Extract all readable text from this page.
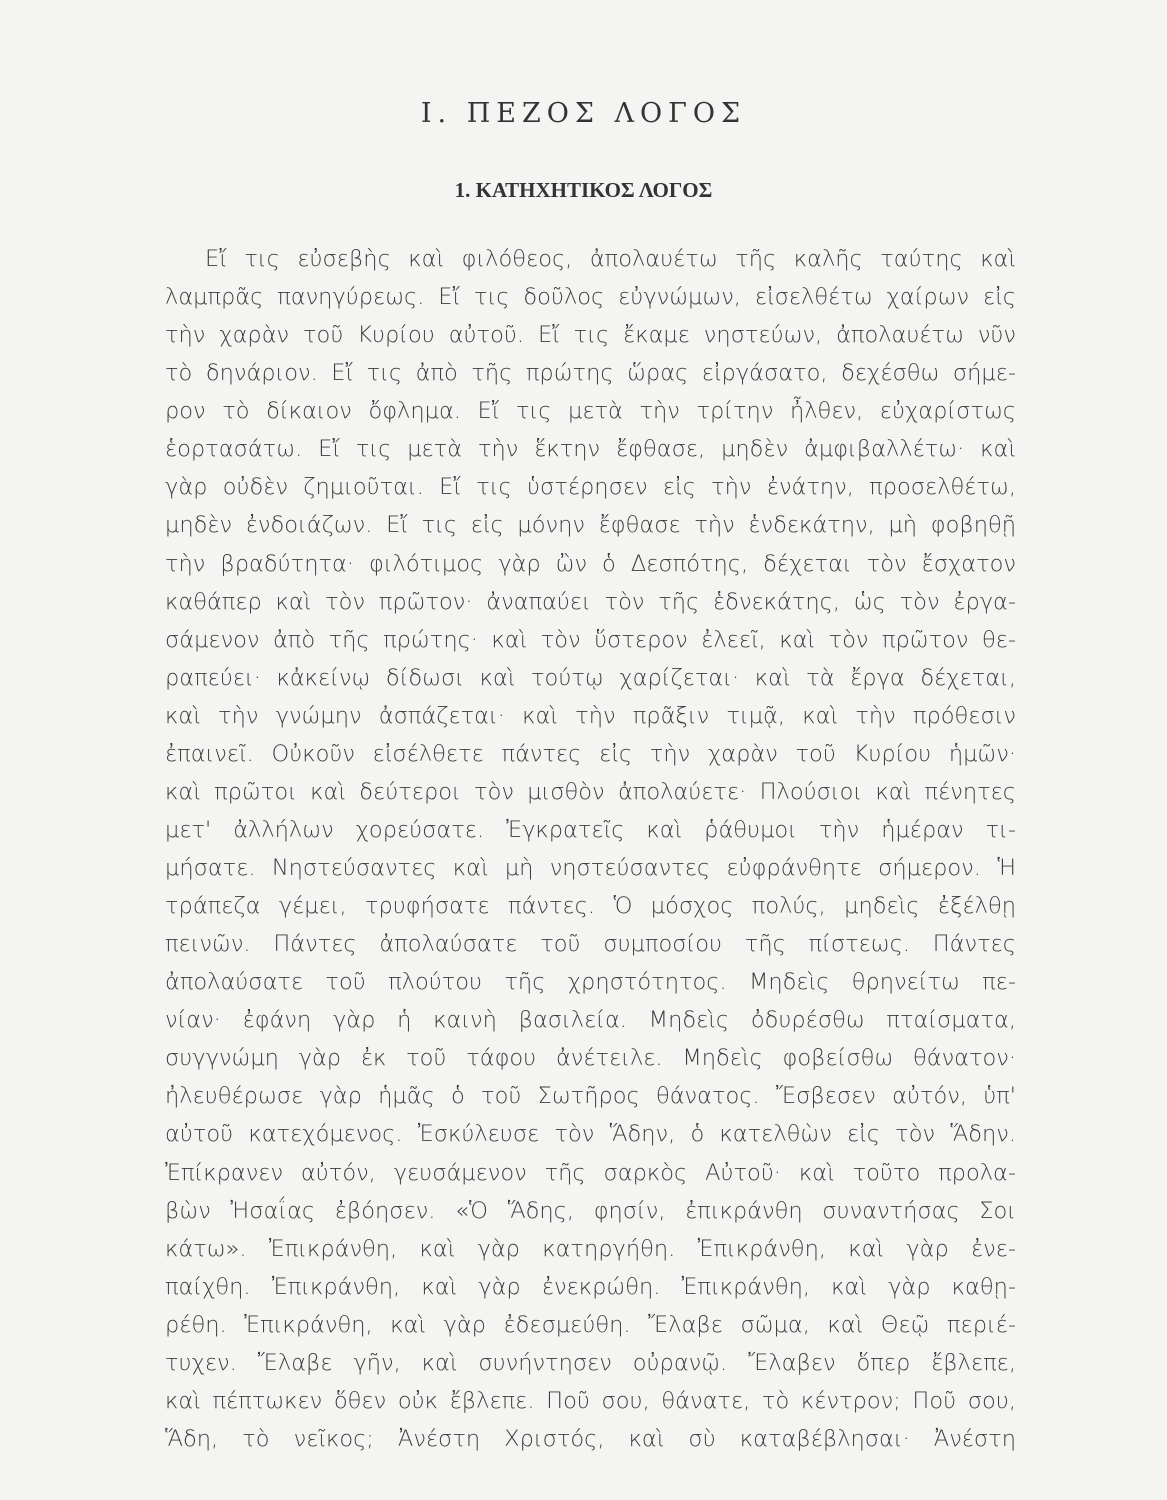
I. ΠΕΖΟΣ ΛΟΓΟΣ
1. ΚΑΤΗΧΗΤΙΚΟΣ ΛΟΓΟΣ
Εἴ τις εὐσεβὴς καὶ φιλόθεος, ἀπολαυέτω τῆς καλῆς ταύτης καὶ
λαμπρᾶς πανηγύρεως. Εἴ τις δοῦλος εὐγνώμων, εἰσελθέτω χαίρων εἰς
τὴν χαρὰν τοῦ Κυρίου αὐτοῦ. Εἴ τις ἔκαμε νηστεύων, ἀπολαυέτω νῦν
τὸ δηνάριον. Εἴ τις ἀπὸ τῆς πρώτης ὥρας εἰργάσατο, δεχέσθω σήμε-
ρον τὸ δίκαιον ὄφλημα. Εἴ τις μετὰ τὴν τρίτην ἦλθεν, εὐχαρίστως
ἑορτασάτω. Εἴ τις μετὰ τὴν ἕκτην ἔφθασε, μηδὲν ἀμφιβαλλέτω· καὶ
γὰρ οὐδὲν ζημιοῦται. Εἴ τις ὑστέρησεν εἰς τὴν ἐνάτην, προσελθέτω,
μηδὲν ἐνδοιάζων. Εἴ τις εἰς μόνην ἔφθασε τὴν ἑνδεκάτην, μὴ φοβηθῇ
τὴν βραδύτητα· φιλότιμος γὰρ ὢν ὁ Δεσπότης, δέχεται τὸν ἔσχατον
καθάπερ καὶ τὸν πρῶτον· ἀναπαύει τὸν τῆς ἑδνεκάτης, ὡς τὸν ἐργα-
σάμενον ἀπὸ τῆς πρώτης· καὶ τὸν ὕστερον ἐλεεῖ, καὶ τὸν πρῶτον θε-
ραπεύει· κἀκείνῳ δίδωσι καὶ τούτῳ χαρίζεται· καὶ τὰ ἔργα δέχεται,
καὶ τὴν γνώμην ἀσπάζεται· καὶ τὴν πρᾶξιν τιμᾷ, καὶ τὴν πρόθεσιν
ἐπαινεῖ. Οὐκοῦν εἰσέλθετε πάντες εἰς τὴν χαρὰν τοῦ Κυρίου ἡμῶν·
καὶ πρῶτοι καὶ δεύτεροι τὸν μισθὸν ἀπολαύετε· Πλούσιοι καὶ πένητες
μετ' ἀλλήλων χορεύσατε. Ἐγκρατεῖς καὶ ῥάθυμοι τὴν ἡμέραν τι-
μήσατε. Νηστεύσαντες καὶ μὴ νηστεύσαντες εὐφράνθητε σήμερον. Ἡ
τράπεζα γέμει, τρυφήσατε πάντες. Ὁ μόσχος πολύς, μηδεὶς ἐξέλθῃ
πεινῶν. Πάντες ἀπολαύσατε τοῦ συμποσίου τῆς πίστεως. Πάντες
ἀπολαύσατε τοῦ πλούτου τῆς χρηστότητος. Μηδεὶς θρηνείτω πε-
νίαν· ἐφάνη γὰρ ἡ καινὴ βασιλεία. Μηδεὶς ὀδυρέσθω πταίσματα,
συγγνώμη γὰρ ἐκ τοῦ τάφου ἀνέτειλε. Μηδεὶς φοβείσθω θάνατον·
ἠλευθέρωσε γὰρ ἡμᾶς ὁ τοῦ Σωτῆρος θάνατος. Ἔσβεσεν αὐτόν, ὑπ'
αὐτοῦ κατεχόμενος. Ἐσκύλευσε τὸν Ἅδην, ὁ κατελθὼν εἰς τὸν Ἅδην.
Ἐπίκρανεν αὐτόν, γευσάμενον τῆς σαρκὸς Αὐτοῦ· καὶ τοῦτο προλα-
βὼν Ἠσαΐας ἐβόησεν. «Ὁ Ἅδης, φησίν, ἐπικράνθη συναντήσας Σοι
κάτω». Ἐπικράνθη, καὶ γὰρ κατηργήθη. Ἐπικράνθη, καὶ γὰρ ἐνε-
παίχθη. Ἐπικράνθη, καὶ γὰρ ἐνεκρώθη. Ἐπικράνθη, καὶ γὰρ καθῃ-
ρέθη. Ἐπικράνθη, καὶ γὰρ ἐδεσμεύθη. Ἔλαβε σῶμα, καὶ Θεῷ περιέ-
τυχεν. Ἔλαβε γῆν, καὶ συνήντησεν οὐρανῷ. Ἔλαβεν ὅπερ ἔβλεπε,
καὶ πέπτωκεν ὅθεν οὐκ ἔβλεπε. Ποῦ σου, θάνατε, τὸ κέντρον; Ποῦ σου,
Ἅδη, τὸ νεῖκος; Ἀνέστη Χριστός, καὶ σὺ καταβέβλησαι· Ἀνέστη
